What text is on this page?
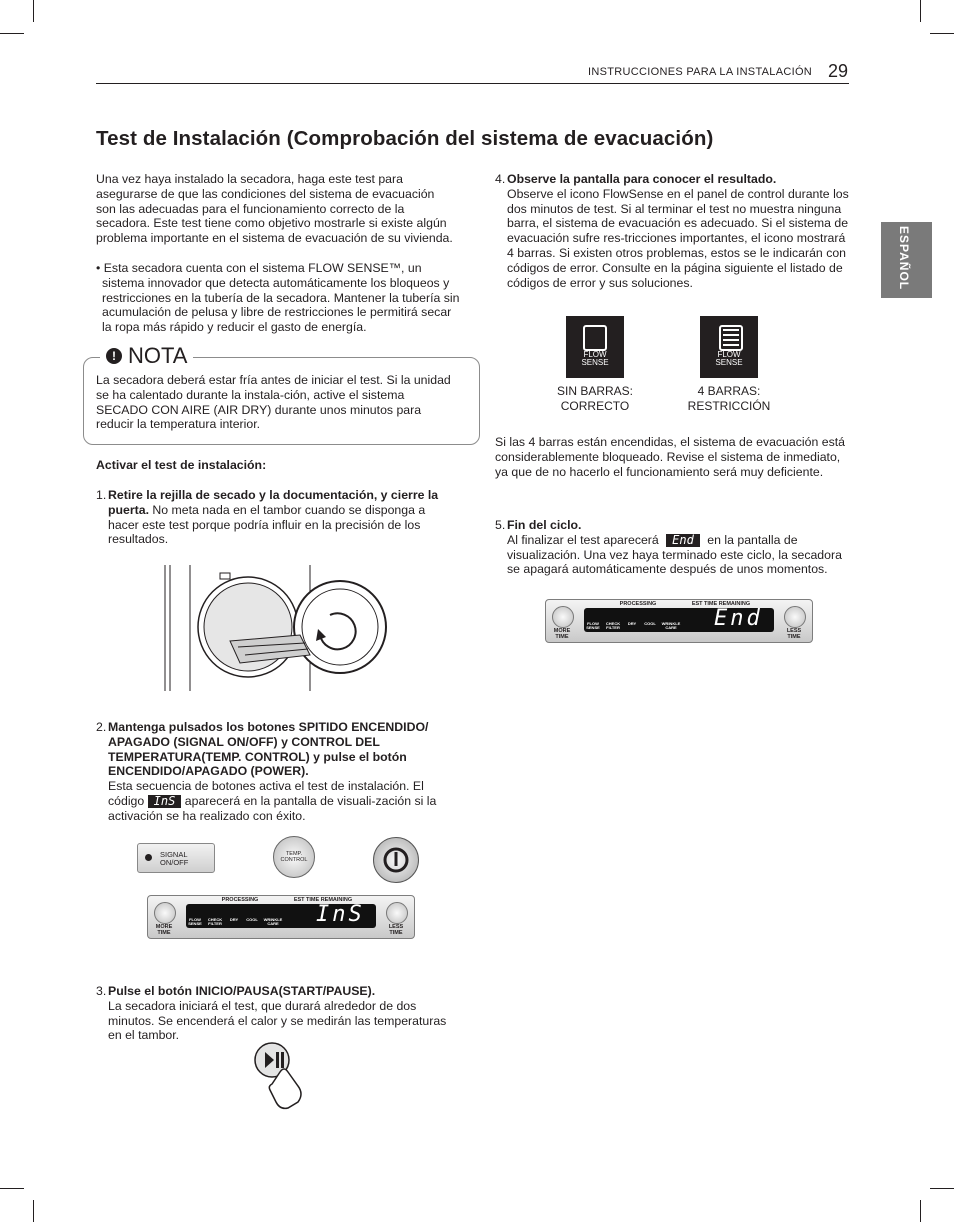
INSTRUCCIONES PARA LA INSTALACIÓN 29
ESPAÑOL
Test de Instalación (Comprobación del sistema de evacuación)
Una vez haya instalado la secadora, haga este test para asegurarse de que las condiciones del sistema de evacuación son las adecuadas para el funcionamiento correcto de la secadora. Este test tiene como objetivo mostrarle si existe algún problema importante en el sistema de evacuación de su vivienda.
• Esta secadora cuenta con el sistema FLOW SENSE™, un sistema innovador que detecta automáticamente los bloqueos y restricciones en la tubería de la secadora. Mantener la tubería sin acumulación de pelusa y libre de restricciones le permitirá secar la ropa más rápido y reducir el gasto de energía.
! NOTA
La secadora deberá estar fría antes de iniciar el test. Si la unidad se ha calentado durante la instala-ción, active el sistema SECADO CON AIRE (AIR DRY) durante unos minutos para reducir la temperatura interior.
Activar el test de instalación:
1. Retire la rejilla de secado y la documentación, y cierre la puerta. No meta nada en el tambor cuando se disponga a hacer este test porque podría influir en la precisión de los resultados.
2. Mantenga pulsados los botones SPITIDO ENCENDIDO/ APAGADO (SIGNAL ON/OFF) y CONTROL DEL TEMPERATURA(TEMP. CONTROL) y pulse el botón ENCENDIDO/APAGADO (POWER).
Esta secuencia de botones activa el test de instalación. El código InS aparecerá en la pantalla de visuali-zación si la activación se ha realizado con éxito.
SIGNAL ON/OFF
TEMP. CONTROL
MORE TIME
PROCESSING	EST TIME REMAINING
FLOW SENSE
CHECK FILTER
DRY	COOL	WRINKLE CARE InS	LESS TIME
3. Pulse el botón INICIO/PAUSA(START/PAUSE).
La secadora iniciará el test, que durará alrededor de dos minutos. Se encenderá el calor y se medirán las temperaturas en el tambor.
4. Observe la pantalla para conocer el resultado.
Observe el icono FlowSense en el panel de control durante los dos minutos de test. Si al terminar el test no muestra ninguna barra, el sistema de evacuación es adecuado. Si el sistema de evacuación sufre res-tricciones importantes, el icono mostrará 4 barras. Si existen otros problemas, estos se le indicarán con códigos de error. Consulte en la página siguiente el listado de códigos de error y sus soluciones.
FLOW SENSE
FLOW SENSE
SIN BARRAS:
CORRECTO
4 BARRAS:
RESTRICCIÓN
Si las 4 barras están encendidas, el sistema de evacuación está considerablemente bloqueado. Revise el sistema de inmediato, ya que de no hacerlo el funcionamiento será muy deficiente.
5. Fin del ciclo.
Al finalizar el test aparecerá End en la pantalla de visualización. Una vez haya terminado este ciclo, la secadora se apagará automáticamente después de unos momentos.
MORE TIME
PROCESSING	EST TIME REMAINING
FLOW SENSE
CHECK FILTER
DRY	COOL	WRINKLE CARE End	LESS TIME
